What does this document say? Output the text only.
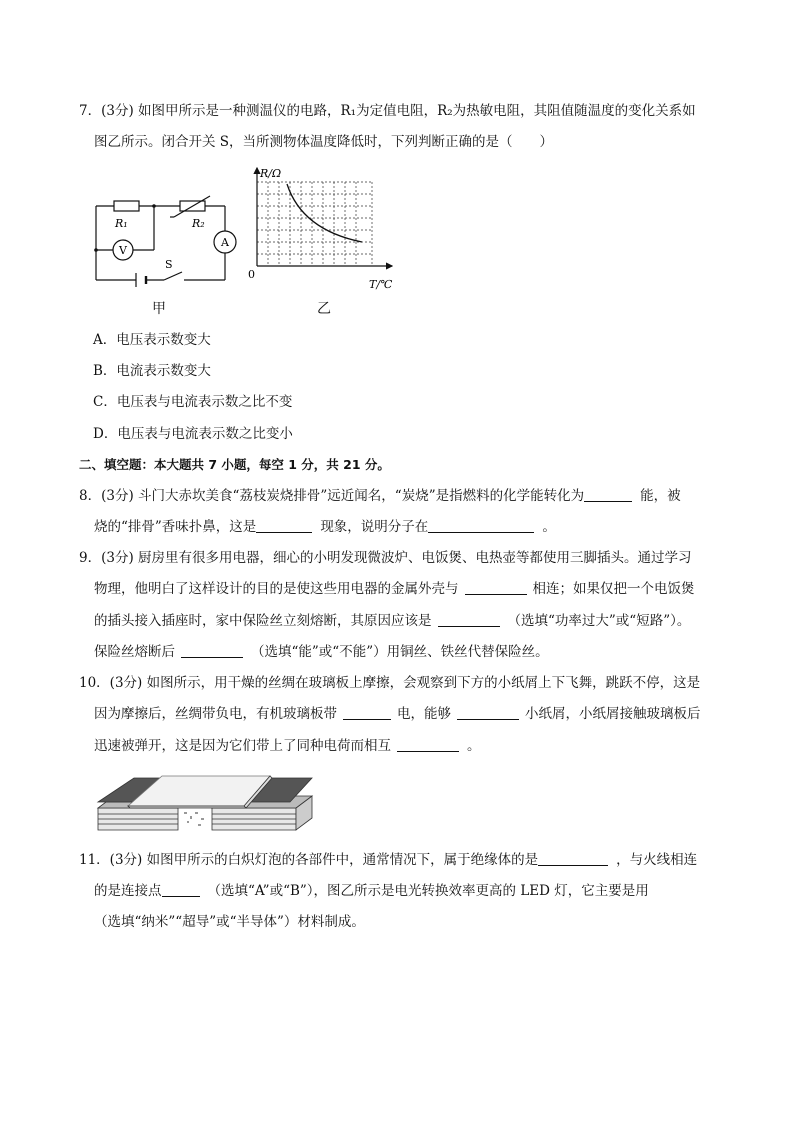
7．(3分) 如图甲所示是一种测温仪的电路，R₁为定值电阻，R₂为热敏电阻，其阻值随温度的变化关系如
图乙所示。闭合开关 S，当所测物体温度降低时，下列判断正确的是（　　）
R₁	R₂
V
A
S
甲
0
R/Ω
T/℃
乙
A．电压表示数变大
B．电流表示数变大
C．电压表与电流表示数之比不变
D．电压表与电流表示数之比变小
二、填空题：本大题共 7 小题，每空 1 分，共 21 分。
8．(3分) 斗门大赤坎美食“荔枝炭烧排骨”远近闻名，“炭烧”是指燃料的化学能转化为	能，被
烧的“排骨”香味扑鼻，这是	现象，说明分子在	。
9．(3分) 厨房里有很多用电器，细心的小明发现微波炉、电饭煲、电热壶等都使用三脚插头。通过学习
物理，他明白了这样设计的目的是使这些用电器的金属外壳与	相连；如果仅把一个电饭煲
的插头接入插座时，家中保险丝立刻熔断，其原因应该是	（选填“功率过大”或“短路”）。
保险丝熔断后	（选填“能”或“不能”）用铜丝、铁丝代替保险丝。
10．(3分) 如图所示，用干燥的丝绸在玻璃板上摩擦，会观察到下方的小纸屑上下飞舞，跳跃不停，这是
因为摩擦后，丝绸带负电，有机玻璃板带	电，能够	小纸屑，小纸屑接触玻璃板后
迅速被弹开，这是因为它们带上了同种电荷而相互	。
11．(3分) 如图甲所示的白炽灯泡的各部件中，通常情况下，属于绝缘体的是	，与火线相连
的是连接点	（选填“A”或“B”），图乙所示是电光转换效率更高的 LED 灯，它主要是用
（选填“纳米”“超导”或“半导体”）材料制成。
